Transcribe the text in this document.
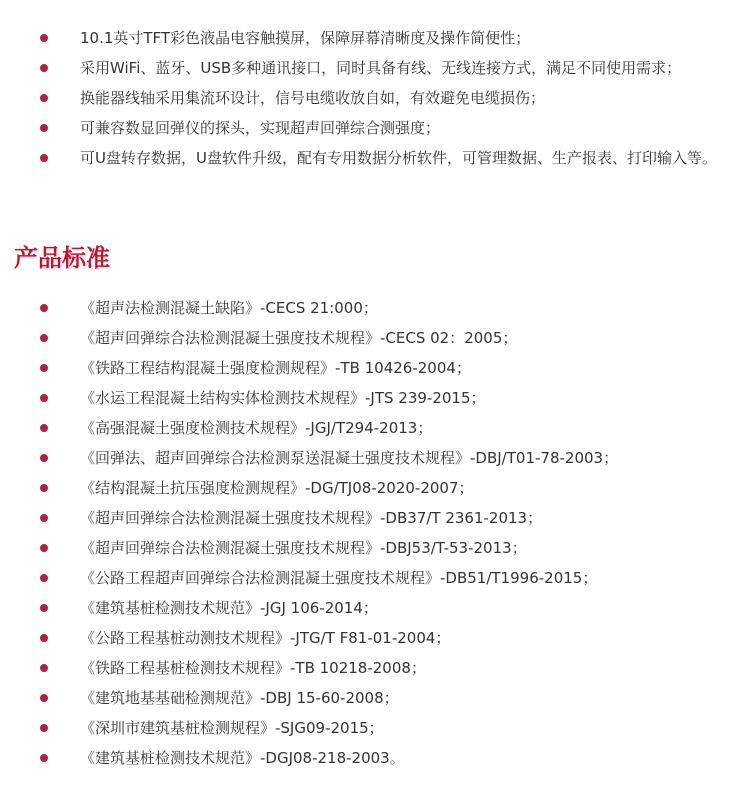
10.1英寸TFT彩色液晶电容触摸屏，保障屏幕清晰度及操作简便性；
采用WiFi、蓝牙、USB多种通讯接口，同时具备有线、无线连接方式，满足不同使用需求；
换能器线轴采用集流环设计，信号电缆收放自如，有效避免电缆损伤；
可兼容数显回弹仪的探头，实现超声回弹综合测强度；
可U盘转存数据，U盘软件升级，配有专用数据分析软件，可管理数据、生产报表、打印输入等。
产品标准
《超声法检测混凝土缺陷》-CECS 21:000；
《超声回弹综合法检测混凝土强度技术规程》-CECS 02：2005；
《铁路工程结构混凝土强度检测规程》-TB 10426-2004；
《水运工程混凝土结构实体检测技术规程》-JTS 239-2015；
《高强混凝土强度检测技术规程》-JGJ/T294-2013；
《回弹法、超声回弹综合法检测泵送混凝土强度技术规程》-DBJ/T01-78-2003；
《结构混凝土抗压强度检测规程》-DG/TJ08-2020-2007；
《超声回弹综合法检测混凝土强度技术规程》-DB37/T 2361-2013；
《超声回弹综合法检测混凝土强度技术规程》-DBJ53/T-53-2013；
《公路工程超声回弹综合法检测混凝土强度技术规程》-DB51/T1996-2015；
《建筑基桩检测技术规范》-JGJ 106-2014；
《公路工程基桩动测技术规程》-JTG/T F81-01-2004；
《铁路工程基桩检测技术规程》-TB 10218-2008；
《建筑地基基础检测规范》-DBJ 15-60-2008；
《深圳市建筑基桩检测规程》-SJG09-2015；
《建筑基桩检测技术规范》-DGJ08-218-2003。
